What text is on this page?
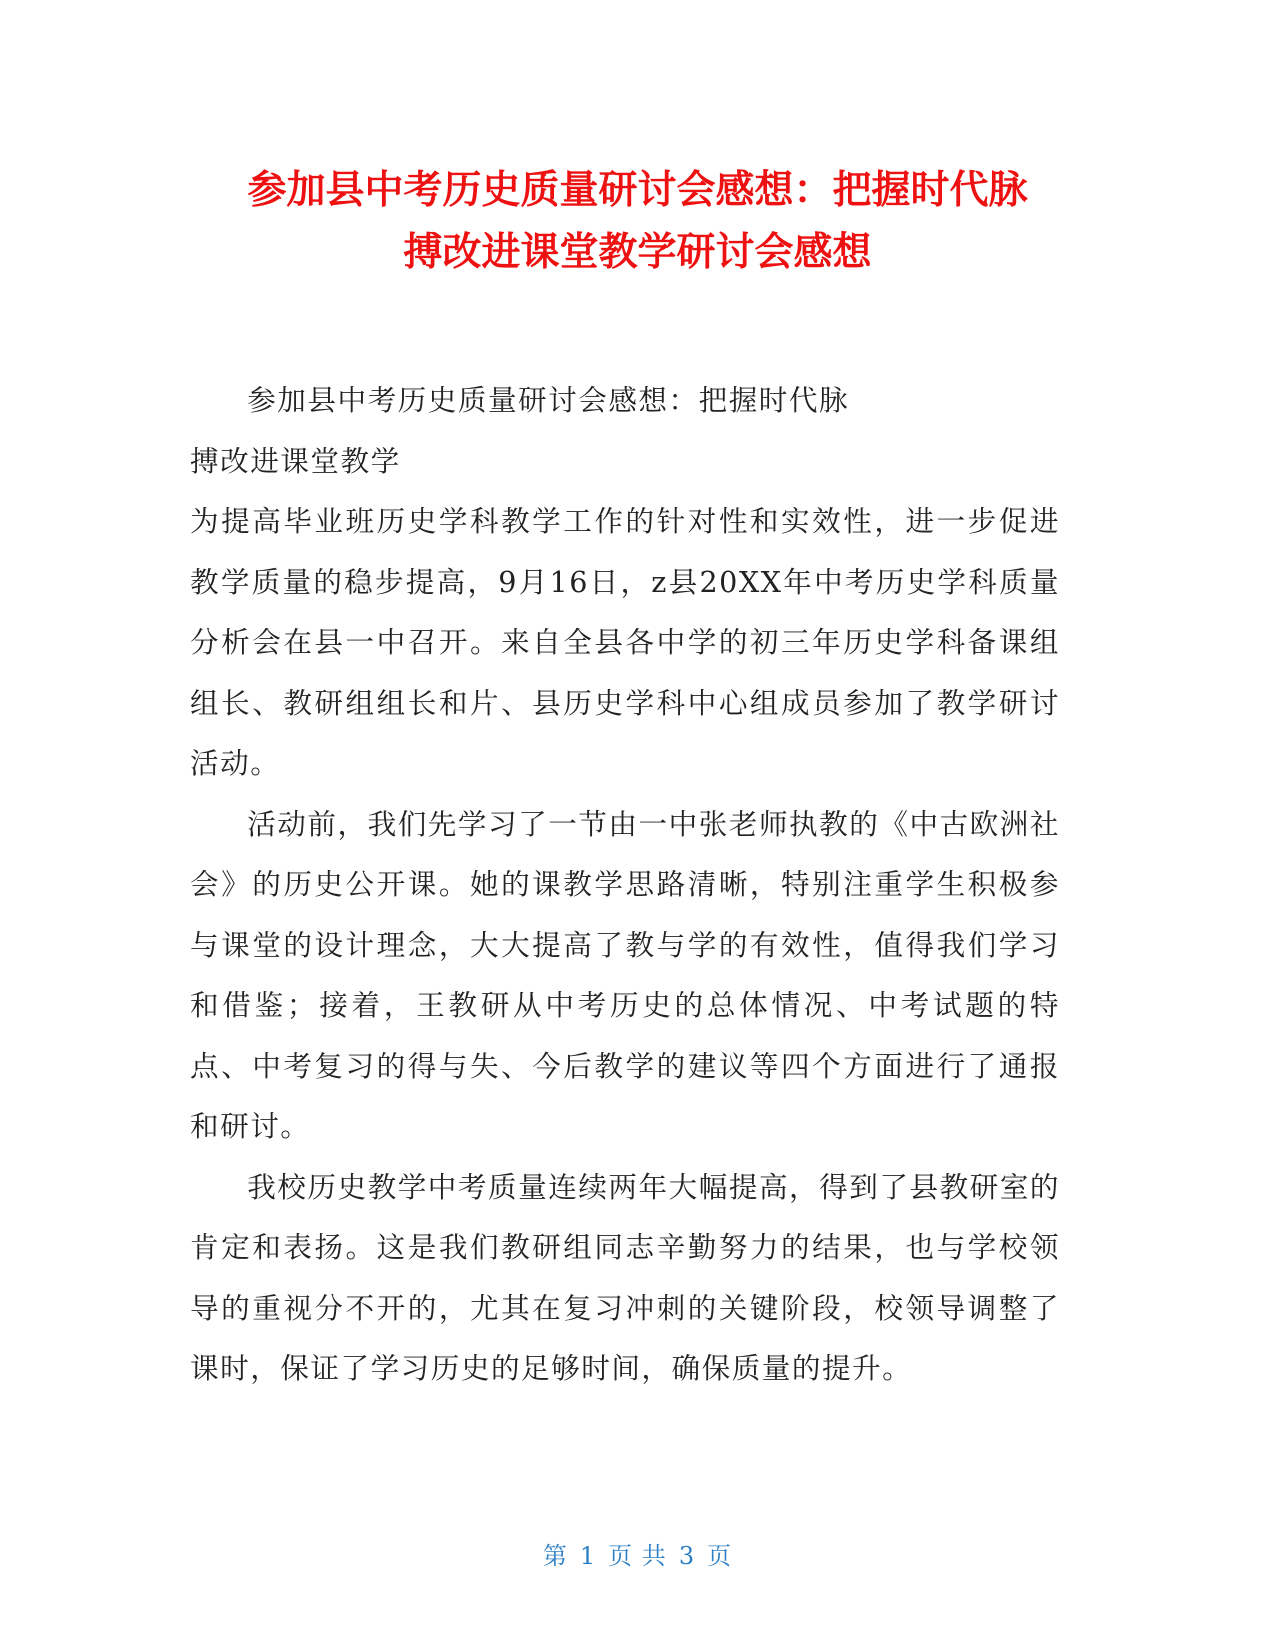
参加县中考历史质量研讨会感想：把握时代脉
搏改进课堂教学研讨会感想

参加县中考历史质量研讨会感想：把握时代脉

搏改进课堂教学

为提高毕业班历史学科教学工作的针对性和实效性，进一步促进教学质量的稳步提高，9月16日，z县20XX年中考历史学科质量分析会在县一中召开。来自全县各中学的初三年历史学科备课组组长、教研组组长和片、县历史学科中心组成员参加了教学研讨活动。

活动前，我们先学习了一节由一中张老师执教的《中古欧洲社会》的历史公开课。她的课教学思路清晰，特别注重学生积极参与课堂的设计理念，大大提高了教与学的有效性，值得我们学习和借鉴；接着，王教研从中考历史的总体情况、中考试题的特点、中考复习的得与失、今后教学的建议等四个方面进行了通报和研讨。

我校历史教学中考质量连续两年大幅提高，得到了县教研室的肯定和表扬。这是我们教研组同志辛勤努力的结果，也与学校领导的重视分不开的，尤其在复习冲刺的关键阶段，校领导调整了课时，保证了学习历史的足够时间，确保质量的提升。

第 1 页 共 3 页
